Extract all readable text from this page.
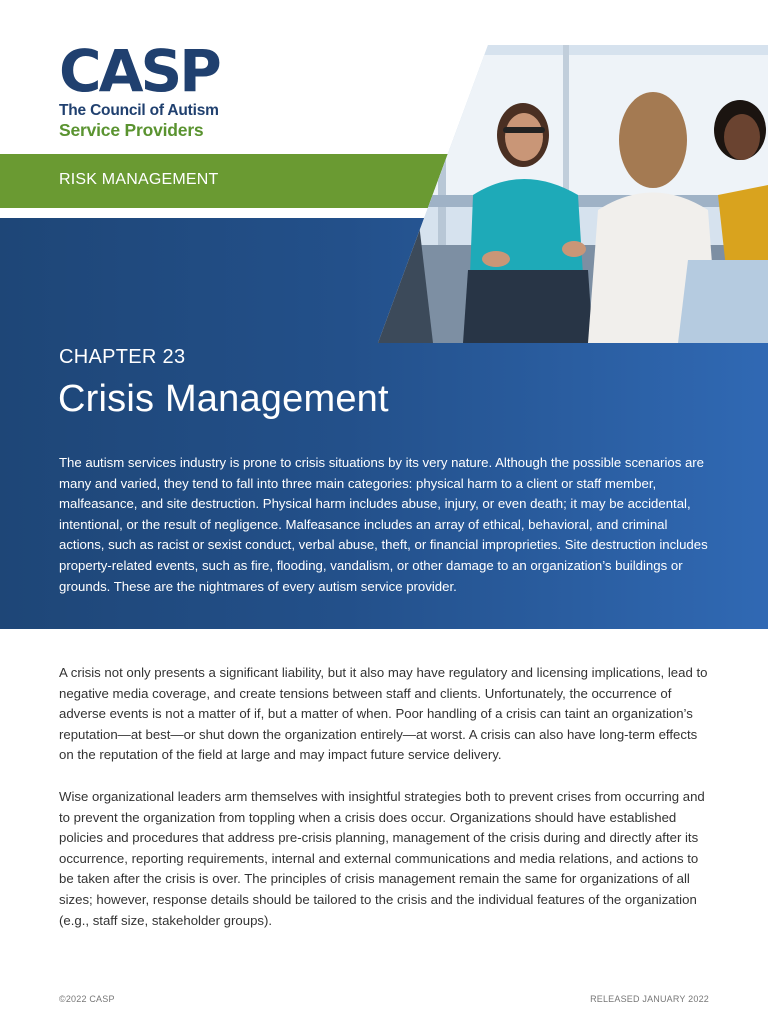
CASP
The Council of Autism
Service Providers
RISK MANAGEMENT
CHAPTER 23
Crisis Management
The autism services industry is prone to crisis situations by its very nature. Although the possible scenarios are many and varied, they tend to fall into three main categories: physical harm to a client or staff member, malfeasance, and site destruction. Physical harm includes abuse, injury, or even death; it may be accidental, intentional, or the result of negligence. Malfeasance includes an array of ethical, behavioral, and criminal actions, such as racist or sexist conduct, verbal abuse, theft, or financial improprieties. Site destruction includes property-related events, such as fire, flooding, vandalism, or other damage to an organization’s buildings or grounds. These are the nightmares of every autism service provider.

A crisis not only presents a significant liability, but it also may have regulatory and licensing implications, lead to negative media coverage, and create tensions between staff and clients. Unfortunately, the occurrence of adverse events is not a matter of if, but a matter of when. Poor handling of a crisis can taint an organization’s reputation—at best—or shut down the organization entirely—at worst. A crisis can also have long-term effects on the reputation of the field at large and may impact future service delivery.

Wise organizational leaders arm themselves with insightful strategies both to prevent crises from occurring and to prevent the organization from toppling when a crisis does occur. Organizations should have established policies and procedures that address pre-crisis planning, management of the crisis during and directly after its occurrence, reporting requirements, internal and external communications and media relations, and actions to be taken after the crisis is over. The principles of crisis management remain the same for organizations of all sizes; however, response details should be tailored to the crisis and the individual features of the organization (e.g., staff size, stakeholder groups).

©2022 CASP	RELEASED JANUARY 2022
